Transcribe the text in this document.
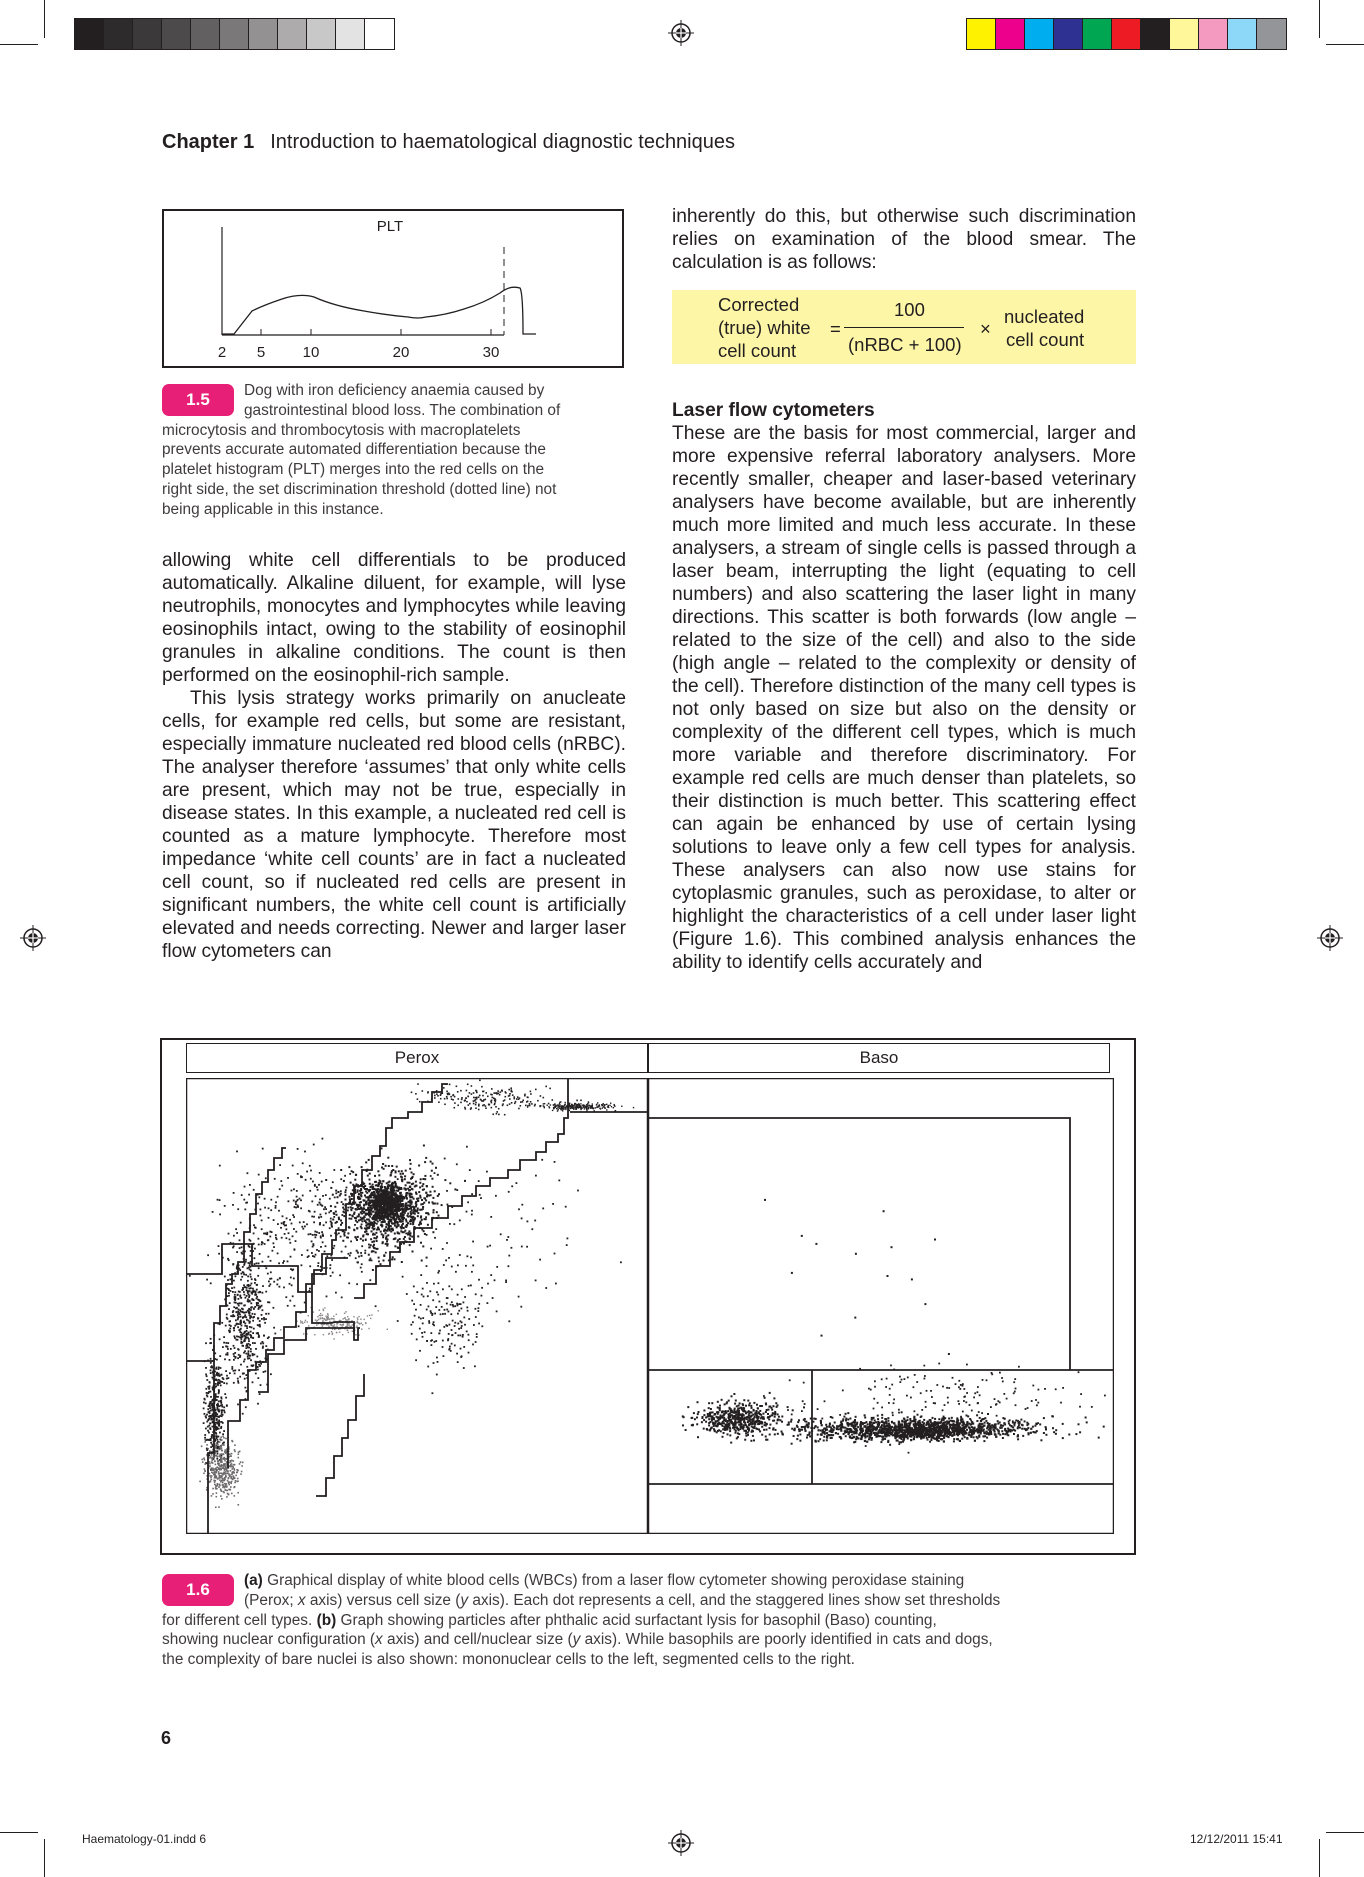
Chapter 1 Introduction to haematological diagnostic techniques
PLT
2 5 10	20	30
1.5	Dog with iron deficiency anaemia caused by
gastrointestinal blood loss. The combination of
microcytosis and thrombocytosis with macroplatelets
prevents accurate automated differentiation because the
platelet histogram (PLT) merges into the red cells on the
right side, the set discrimination threshold (dotted line) not
being applicable in this instance.

allowing white cell differentials to be produced automatically. Alkaline diluent, for example, will lyse neutrophils, monocytes and lymphocytes while leaving eosinophils intact, owing to the stability of eosinophil granules in alkaline conditions. The count is then performed on the eosinophil-rich sample.

This lysis strategy works primarily on anucleate cells, for example red cells, but some are resistant, especially immature nucleated red blood cells (nRBC). The analyser therefore ‘assumes’ that only white cells are present, which may not be true, especially in disease states. In this example, a nucleated red cell is counted as a mature lymphocyte. Therefore most impedance ‘white cell counts’ are in fact a nucleated cell count, so if nucleated red cells are present in significant numbers, the white cell count is artificially elevated and needs correcting. Newer and larger laser flow cytometers can

inherently do this, but otherwise such discrimination relies on examination of the blood smear. The calculation is as follows:

Corrected
(true) white
cell count
=
100
(nRBC + 100)
×
nucleated
cell count
Laser flow cytometers

These are the basis for most commercial, larger and more expensive referral laboratory analysers. More recently smaller, cheaper and laser-based veterinary analysers have become available, but are inherently much more limited and much less accurate. In these analysers, a stream of single cells is passed through a laser beam, interrupting the light (equating to cell numbers) and also scattering the laser light in many directions. This scatter is both forwards (low angle – related to the size of the cell) and also to the side (high angle – related to the complexity or density of the cell). Therefore distinction of the many cell types is not only based on size but also on the density or complexity of the different cell types, which is much more variable and therefore discriminatory. For example red cells are much denser than platelets, so their distinction is much better. This scattering effect can again be enhanced by use of certain lysing solutions to leave only a few cell types for analysis. These analysers can also now use stains for cytoplasmic granules, such as peroxidase, to alter or highlight the characteristics of a cell under laser light (Figure 1.6). This combined analysis enhances the ability to identify cells accurately and

Perox	Baso
1.6	(a) Graphical display of white blood cells (WBCs) from a laser flow cytometer showing peroxidase staining
(Perox; x axis) versus cell size (y axis). Each dot represents a cell, and the staggered lines show set thresholds
for different cell types. (b) Graph showing particles after phthalic acid surfactant lysis for basophil (Baso) counting,
showing nuclear configuration (x axis) and cell/nuclear size (y axis). While basophils are poorly identified in cats and dogs,
the complexity of bare nuclei is also shown: mononuclear cells to the left, segmented cells to the right.
6
Haematology-01.indd 6	12/12/2011 15:41
